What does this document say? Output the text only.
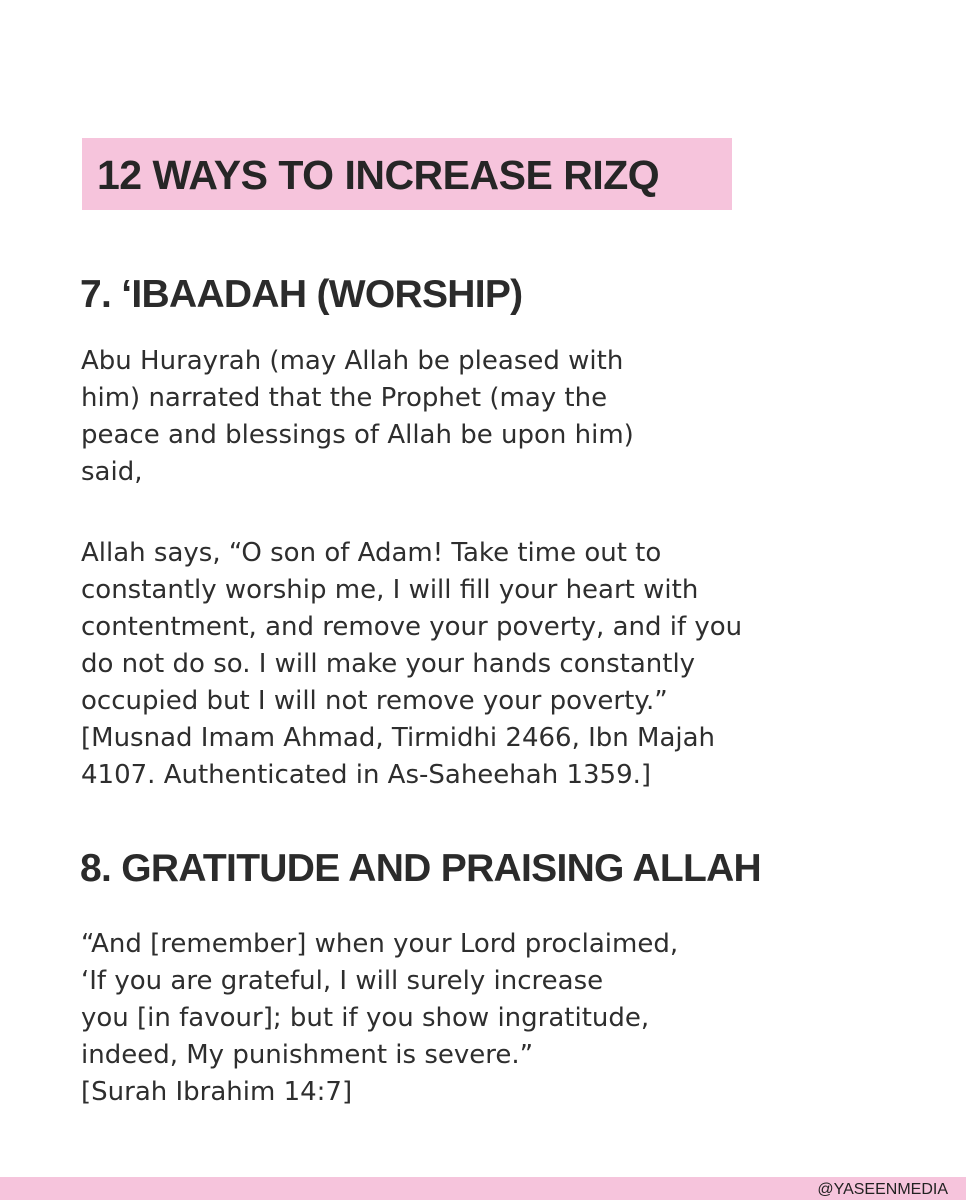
12 WAYS TO INCREASE RIZQ
7. ‘IBAADAH (WORSHIP)

Abu Hurayrah (may Allah be pleased with
him) narrated that the Prophet (may the
peace and blessings of Allah be upon him)
said,

Allah says, “O son of Adam! Take time out to
constantly worship me, I will fill your heart with
contentment, and remove your poverty, and if you
do not do so. I will make your hands constantly
occupied but I will not remove your poverty.”
[Musnad Imam Ahmad, Tirmidhi 2466, Ibn Majah
4107. Authenticated in As-Saheehah 1359.]

8. GRATITUDE AND PRAISING ALLAH

“And [remember] when your Lord proclaimed,
‘If you are grateful, I will surely increase
you [in favour]; but if you show ingratitude,
indeed, My punishment is severe.”
[Surah Ibrahim 14:7]

@YASEENMEDIA
